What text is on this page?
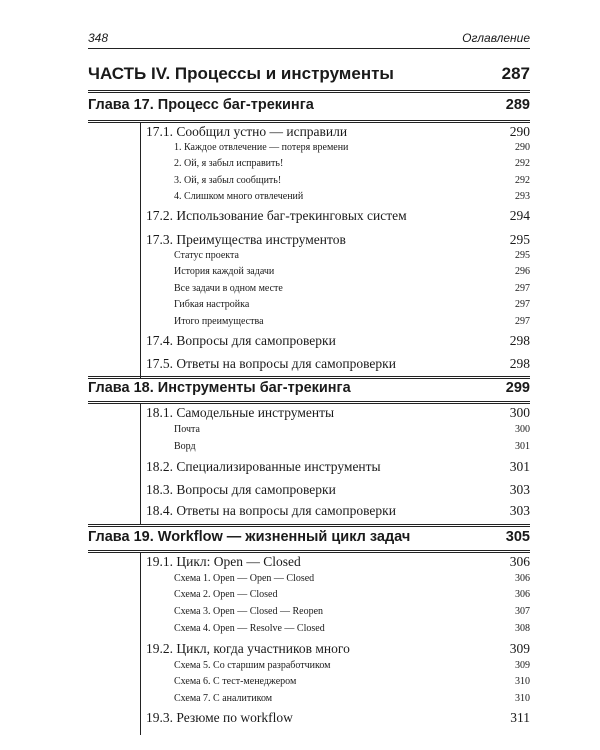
348	Оглавление
ЧАСТЬ IV. Процессы и инструменты	287
Глава 17. Процесс баг-трекинга	289
17.1. Сообщил устно — исправили	290
1. Каждое отвлечение — потеря времени	290
2. Ой, я забыл исправить!	292
3. Ой, я забыл сообщить!	292
4. Слишком много отвлечений	293
17.2. Использование баг-трекинговых систем	294
17.3. Преимущества инструментов	295
Статус проекта	295
История каждой задачи	296
Все задачи в одном месте	297
Гибкая настройка	297
Итого преимущества	297
17.4. Вопросы для самопроверки	298
17.5. Ответы на вопросы для самопроверки	298
Глава 18. Инструменты баг-трекинга	299
18.1. Самодельные инструменты	300
Почта	300
Ворд	301
18.2. Специализированные инструменты	301
18.3. Вопросы для самопроверки	303
18.4. Ответы на вопросы для самопроверки	303
Глава 19. Workflow — жизненный цикл задач	305
19.1. Цикл: Open — Closed	306
Схема 1. Open — Open — Closed	306
Схема 2. Open — Closed	306
Схема 3. Open — Closed — Reopen	307
Схема 4. Open — Resolve — Closed	308
19.2. Цикл, когда участников много	309
Схема 5. Со старшим разработчиком	309
Схема 6. С тест-менеджером	310
Схема 7. С аналитиком	310
19.3. Резюме по workflow	311
